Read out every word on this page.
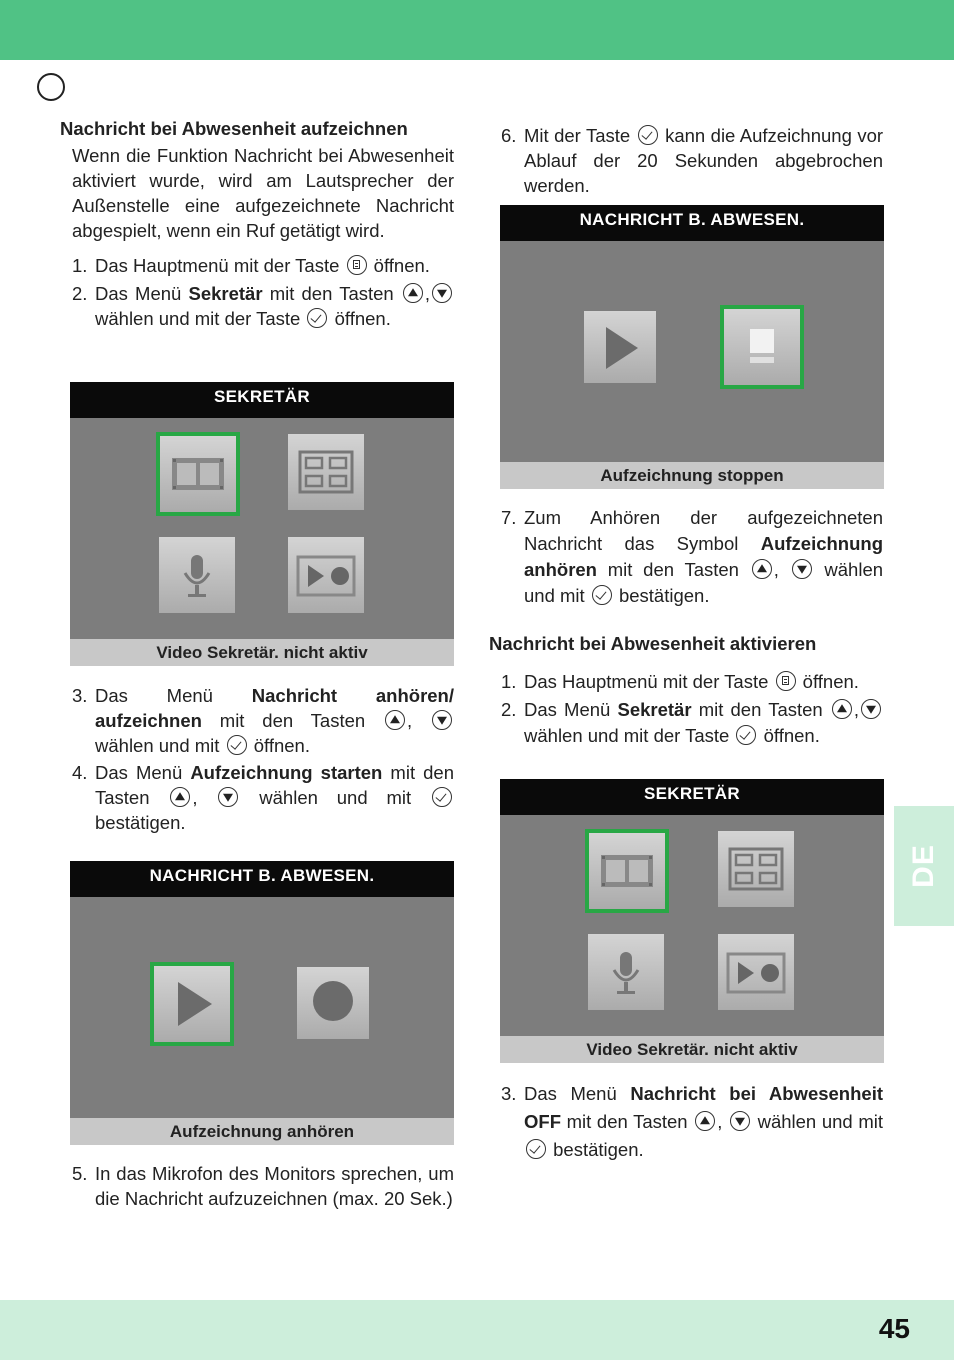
DE
45

Nachricht bei Abwesenheit aufzeichnen

Wenn die Funktion Nachricht bei Abwesenheit aktiviert wurde, wird am Lautsprecher der Außenstelle eine aufgezeichnete Nachricht abgespielt, wenn ein Ruf getätigt wird.

1. Das Hauptmenü mit der Taste öffnen.
2. Das Menü Sekretär mit den Tasten , wählen und mit der Taste öffnen.
SEKRETÄR
Video Sekretär. nicht aktiv
3. Das Menü Nachricht anhören/ aufzeichnen mit den Tasten ,  wählen und mit öffnen.
4. Das Menü Aufzeichnung starten mit den Tasten ,  wählen und mit
bestätigen.
NACHRICHT B. ABWESEN.
Aufzeichnung anhören
5. In das Mikrofon des Monitors sprechen, um die Nachricht aufzuzeichnen (max. 20 Sek.)
6. Mit der Taste kann die Aufzeichnung vor Ablauf der 20 Sekunden abgebrochen werden.
NACHRICHT B. ABWESEN.
Aufzeichnung stoppen
7. Zum Anhören der aufgezeichneten Nachricht das Symbol Aufzeichnung anhören mit den Tasten ,  wählen und mit bestätigen.

Nachricht bei Abwesenheit aktivieren

1. Das Hauptmenü mit der Taste öffnen.
2. Das Menü Sekretär mit den Tasten , wählen und mit der Taste öffnen.
SEKRETÄR
Video Sekretär. nicht aktiv
3. Das Menü Nachricht bei Abwesenheit OFF mit den Tasten ,  wählen und mit
bestätigen.
